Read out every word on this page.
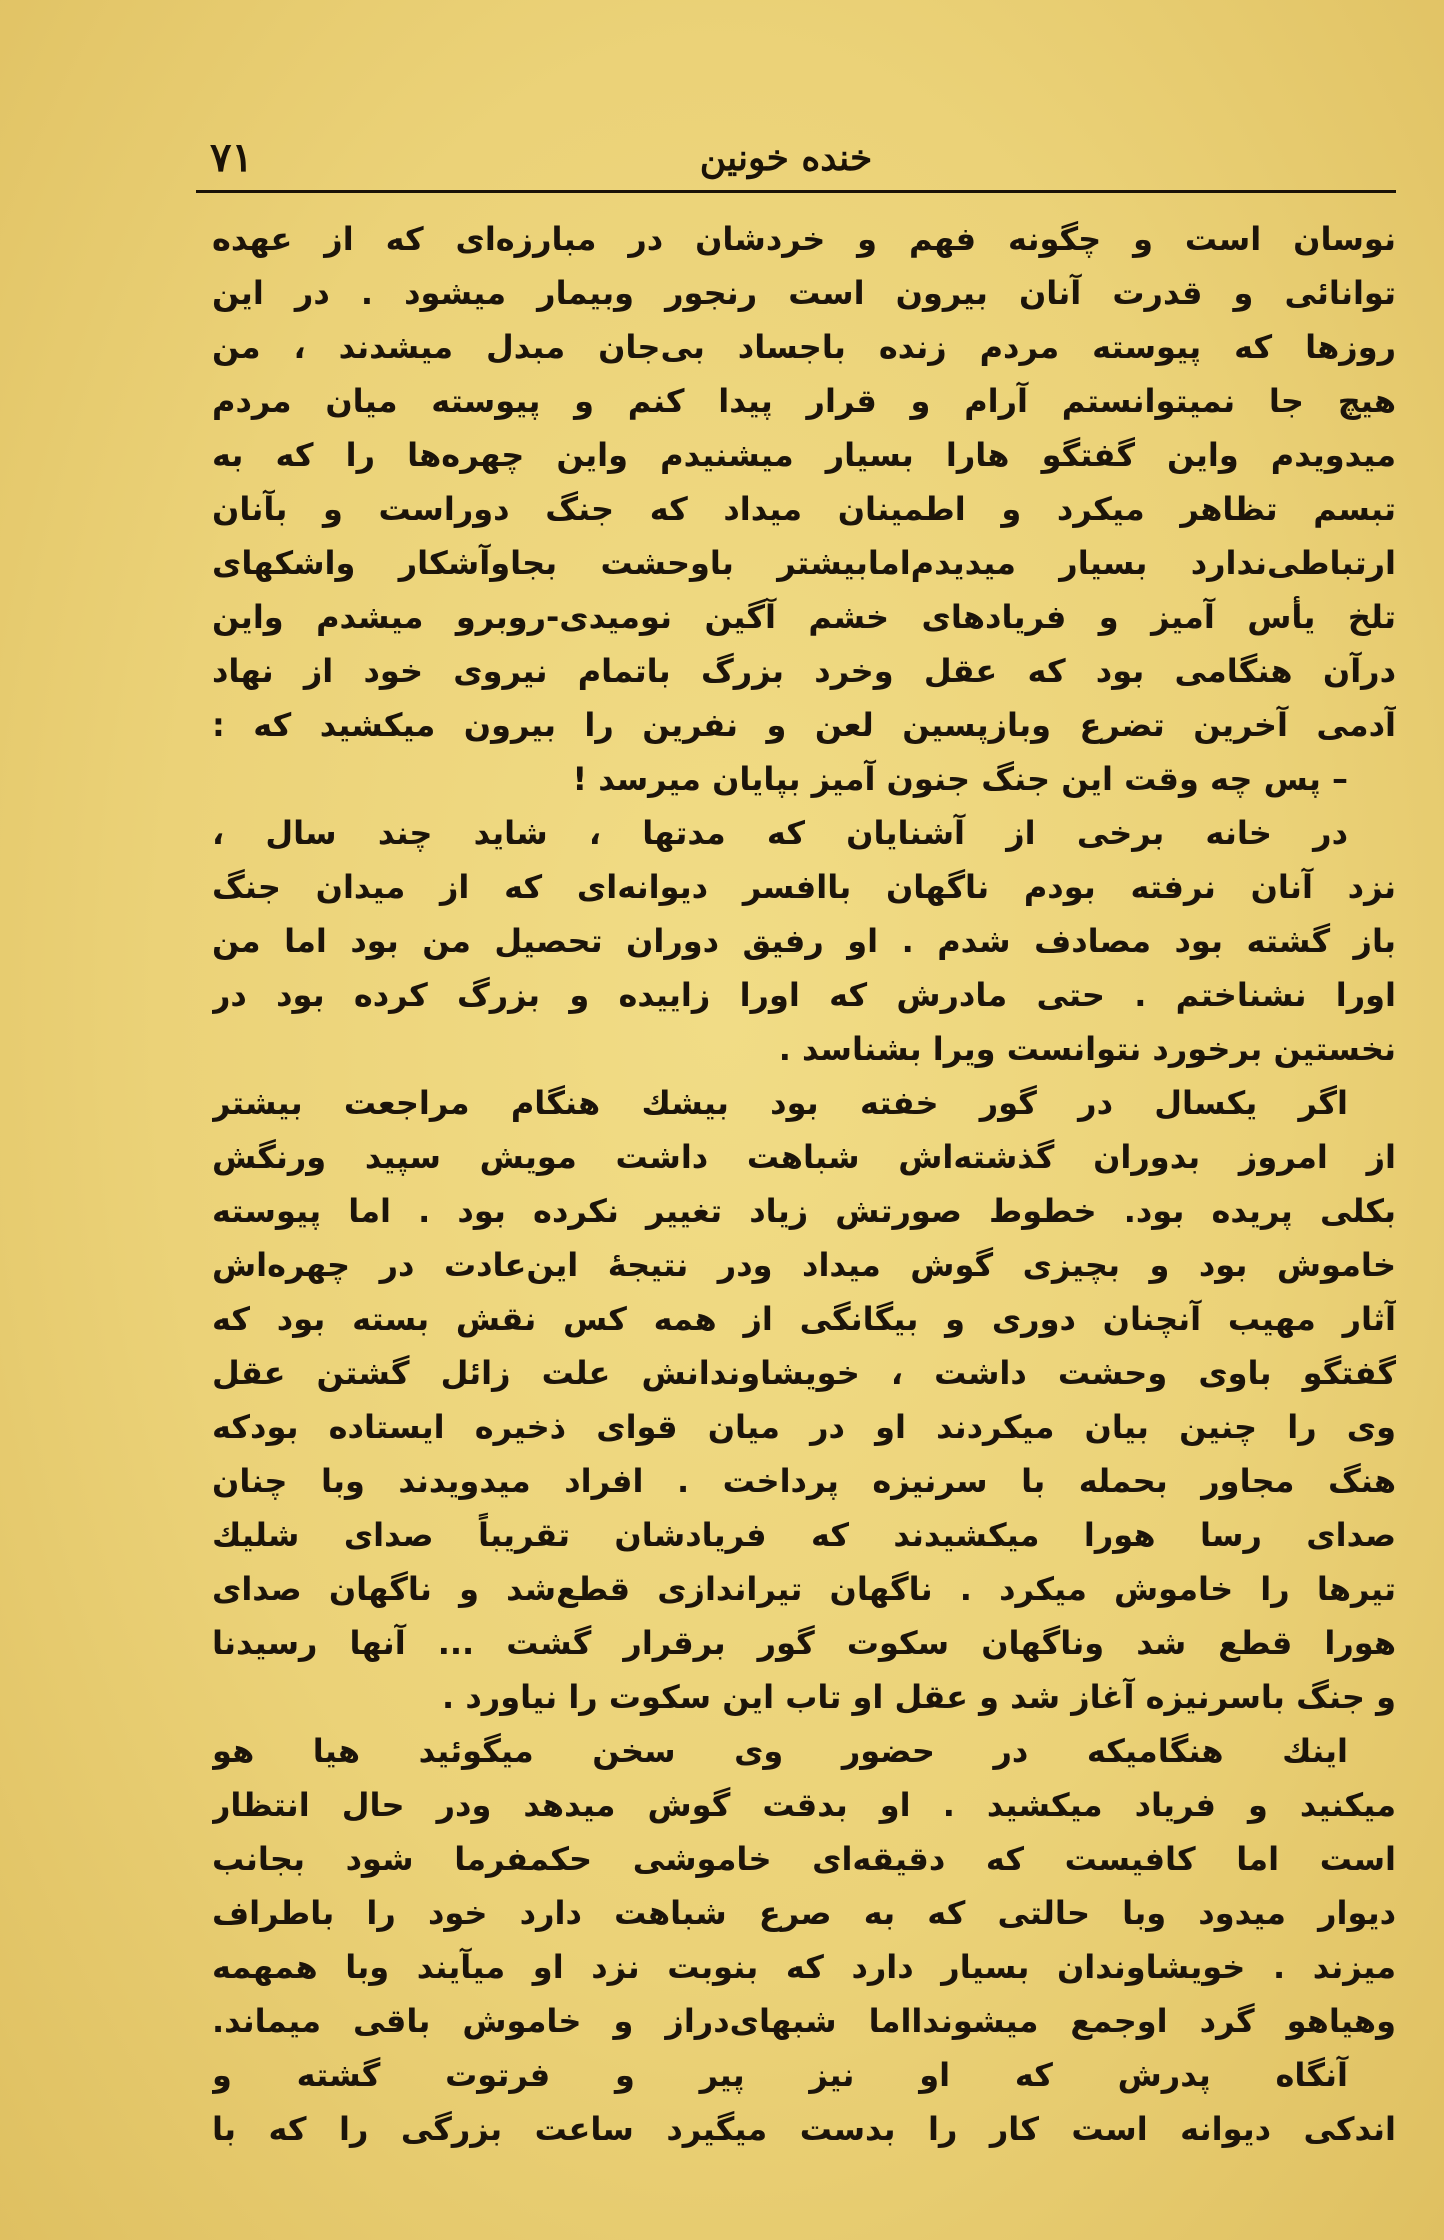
۷۱	خنده خونین
نوسان است و چگونه فهم و خردشان در مبارزه‌ای که از عهده
توانائی و قدرت آنان بیرون است رنجور وبیمار میشود . در این
روزها که پیوسته مردم زنده باجساد بی‌جان مبدل میشدند ، من
هیچ جا نمیتوانستم آرام و قرار پیدا کنم و پیوسته میان مردم
میدویدم واین گفتگو هارا بسیار میشنیدم واین چهره‌ها را که به
تبسم تظاهر میکرد و اطمینان میداد که جنگ دوراست و بآنان
ارتباطی‌ندارد بسیار میدیدم‌امابیشتر باوحشت بجاوآشکار واشکهای
تلخ یأس آمیز و فریادهای خشم آگین نومیدی-روبرو میشدم واین
درآن هنگامی بود که عقل وخرد بزرگ باتمام نیروی خود از نهاد
آدمی آخرین تضرع وبازپسین لعن و نفرین را بیرون میکشید که :
– پس چه وقت این جنگ جنون آمیز بپایان میرسد !
در خانه برخی از آشنایان که مدتها ، شاید چند سال ،
نزد آنان نرفته بودم ناگهان باافسر دیوانه‌ای که از میدان جنگ
باز گشته بود مصادف شدم . او رفیق دوران تحصیل من بود اما من
اورا نشناختم . حتی مادرش که اورا زاییده و بزرگ کرده بود در
نخستین برخورد نتوانست ویرا بشناسد .
اگر یکسال در گور خفته بود بیشك هنگام مراجعت بیشتر
از امروز بدوران گذشته‌اش شباهت داشت مویش سپید ورنگش
بکلی پریده بود. خطوط صورتش زیاد تغییر نکرده بود . اما پیوسته
خاموش بود و بچیزی گوش میداد ودر نتیجهٔ این‌عادت در چهره‌اش
آثار مهیب آنچنان دوری و بیگانگی از همه کس نقش بسته بود که
گفتگو باوی وحشت داشت ، خویشاوندانش علت زائل گشتن عقل
وی را چنین بیان میکردند او در میان قوای ذخیره ایستاده بودکه
هنگ مجاور بحمله با سرنیزه پرداخت . افراد میدویدند وبا چنان
صدای رسا هورا میکشیدند که فریادشان تقریباً صدای شلیك
تیرها را خاموش میکرد . ناگهان تیراندازی قطع‌شد و ناگهان صدای
هورا قطع شد وناگهان سکوت گور برقرار گشت ... آنها رسیدنا
و جنگ باسرنیزه آغاز شد و عقل او تاب این سکوت را نیاورد .
اینك هنگامیکه در حضور وی سخن میگوئید هیا هو
میکنید و فریاد میکشید . او بدقت گوش میدهد ودر حال انتظار
است اما کافیست که دقیقه‌ای خاموشی حکمفرما شود بجانب
دیوار میدود وبا حالتی که به صرع شباهت دارد خود را باطراف
میزند . خویشاوندان بسیار دارد که بنوبت نزد او میآیند وبا همهمه
وهیاهو گرد اوجمع میشوندااما شبهای‌دراز و خاموش باقی میماند.
آنگاه پدرش که او نیز پیر و فرتوت گشته و
اندکی دیوانه است کار را بدست میگیرد ساعت بزرگی را که با
